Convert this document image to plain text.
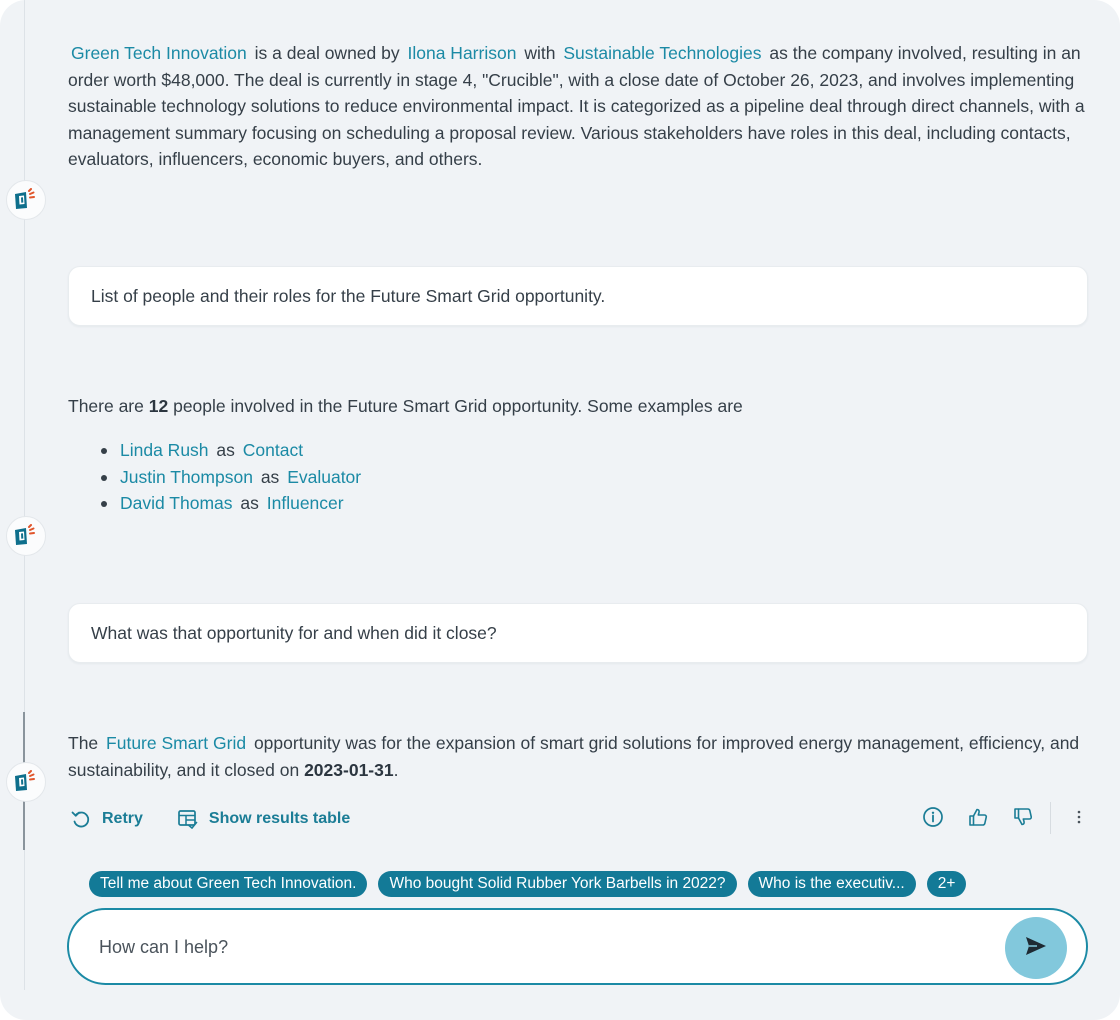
Green Tech Innovation is a deal owned by Ilona Harrison with Sustainable Technologies as the company involved, resulting in an order worth $48,000. The deal is currently in stage 4, "Crucible", with a close date of October 26, 2023, and involves implementing sustainable technology solutions to reduce environmental impact. It is categorized as a pipeline deal through direct channels, with a management summary focusing on scheduling a proposal review. Various stakeholders have roles in this deal, including contacts, evaluators, influencers, economic buyers, and others.
List of people and their roles for the Future Smart Grid opportunity.
There are 12 people involved in the Future Smart Grid opportunity. Some examples are
Linda Rush as Contact
Justin Thompson as Evaluator
David Thomas as Influencer
What was that opportunity for and when did it close?
The Future Smart Grid opportunity was for the expansion of smart grid solutions for improved energy management, efficiency, and sustainability, and it closed on 2023-01-31.
Retry	Show results table
Tell me about Green Tech Innovation.	Who bought Solid Rubber York Barbells in 2022?	Who is the executiv...	2+
How can I help?
